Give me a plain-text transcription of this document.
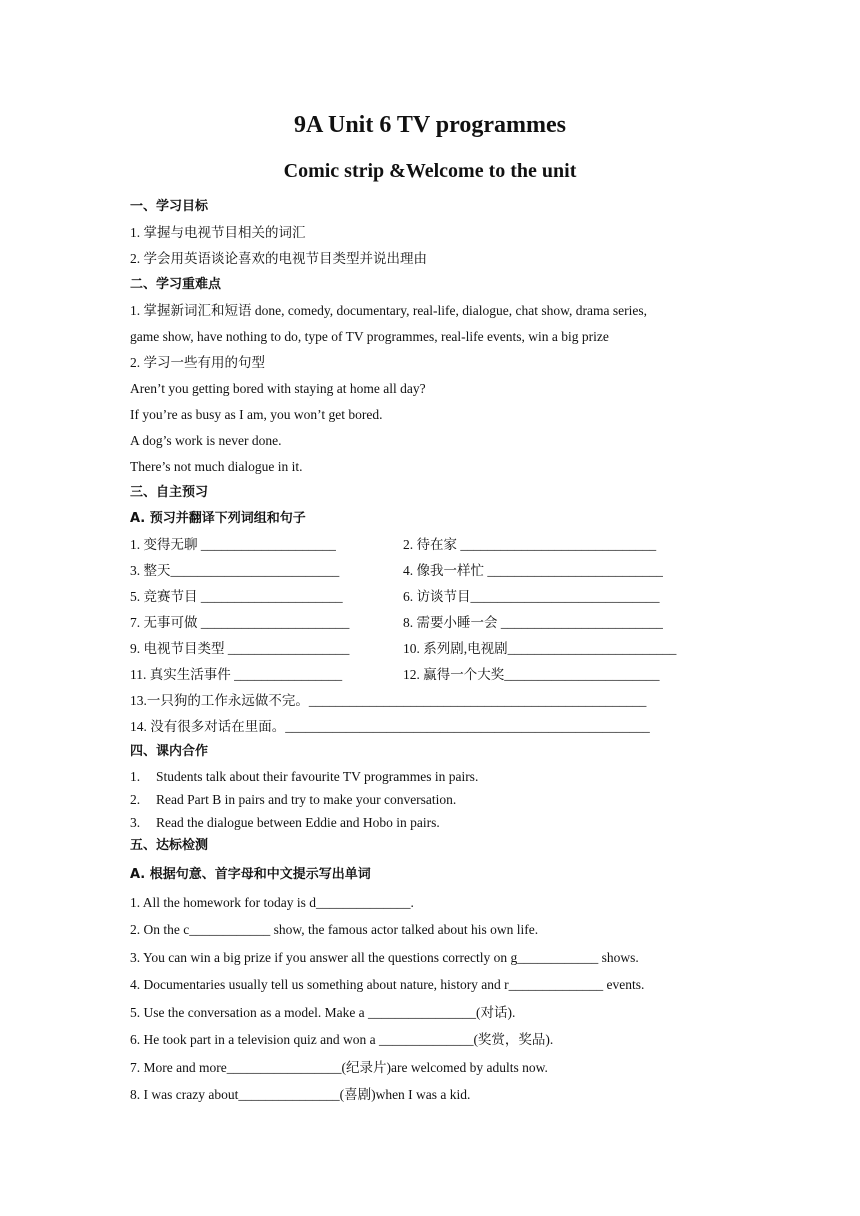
9A Unit 6 TV programmes
Comic strip &Welcome to the unit
一、学习目标
1. 掌握与电视节目相关的词汇
2. 学会用英语谈论喜欢的电视节目类型并说出理由
二、学习重难点
1. 掌握新词汇和短语 done, comedy, documentary, real-life, dialogue, chat show, drama series,
game show, have nothing to do, type of TV programmes, real-life events, win a big prize
2. 学习一些有用的句型
Aren’t you getting bored with staying at home all day?
If you’re as busy as I am, you won’t get bored.
A dog’s work is never done.
There’s not much dialogue in it.
三、自主预习
A. 预习并翻译下列词组和句子
1. 变得无聊 ____________________	2. 待在家 _____________________________
3. 整天_________________________	4. 像我一样忙 __________________________
5. 竞赛节目 _____________________	6. 访谈节目____________________________
7. 无事可做 ______________________	8. 需要小睡一会 ________________________
9. 电视节目类型 __________________	10. 系列剧,电视剧_________________________
11. 真实生活事件 ________________	12. 赢得一个大奖_______________________
13.一只狗的工作永远做不完。__________________________________________________
14. 没有很多对话在里面。______________________________________________________
四、课内合作
1. Students talk about their favourite TV programmes in pairs.
2. Read Part B in pairs and try to make your conversation.
3. Read the dialogue between Eddie and Hobo in pairs.
五、达标检测
A. 根据句意、首字母和中文提示写出单词
1. All the homework for today is d______________.
2. On the c____________ show, the famous actor talked about his own life.
3. You can win a big prize if you answer all the questions correctly on g____________ shows.
4. Documentaries usually tell us something about nature, history and r______________ events.
5. Use the conversation as a model. Make a ________________(对话).
6. He took part in a television quiz and won a ______________(奖赏，奖品).
7. More and more_________________(纪录片)are welcomed by adults now.
8. I was crazy about_______________(喜剧)when I was a kid.
